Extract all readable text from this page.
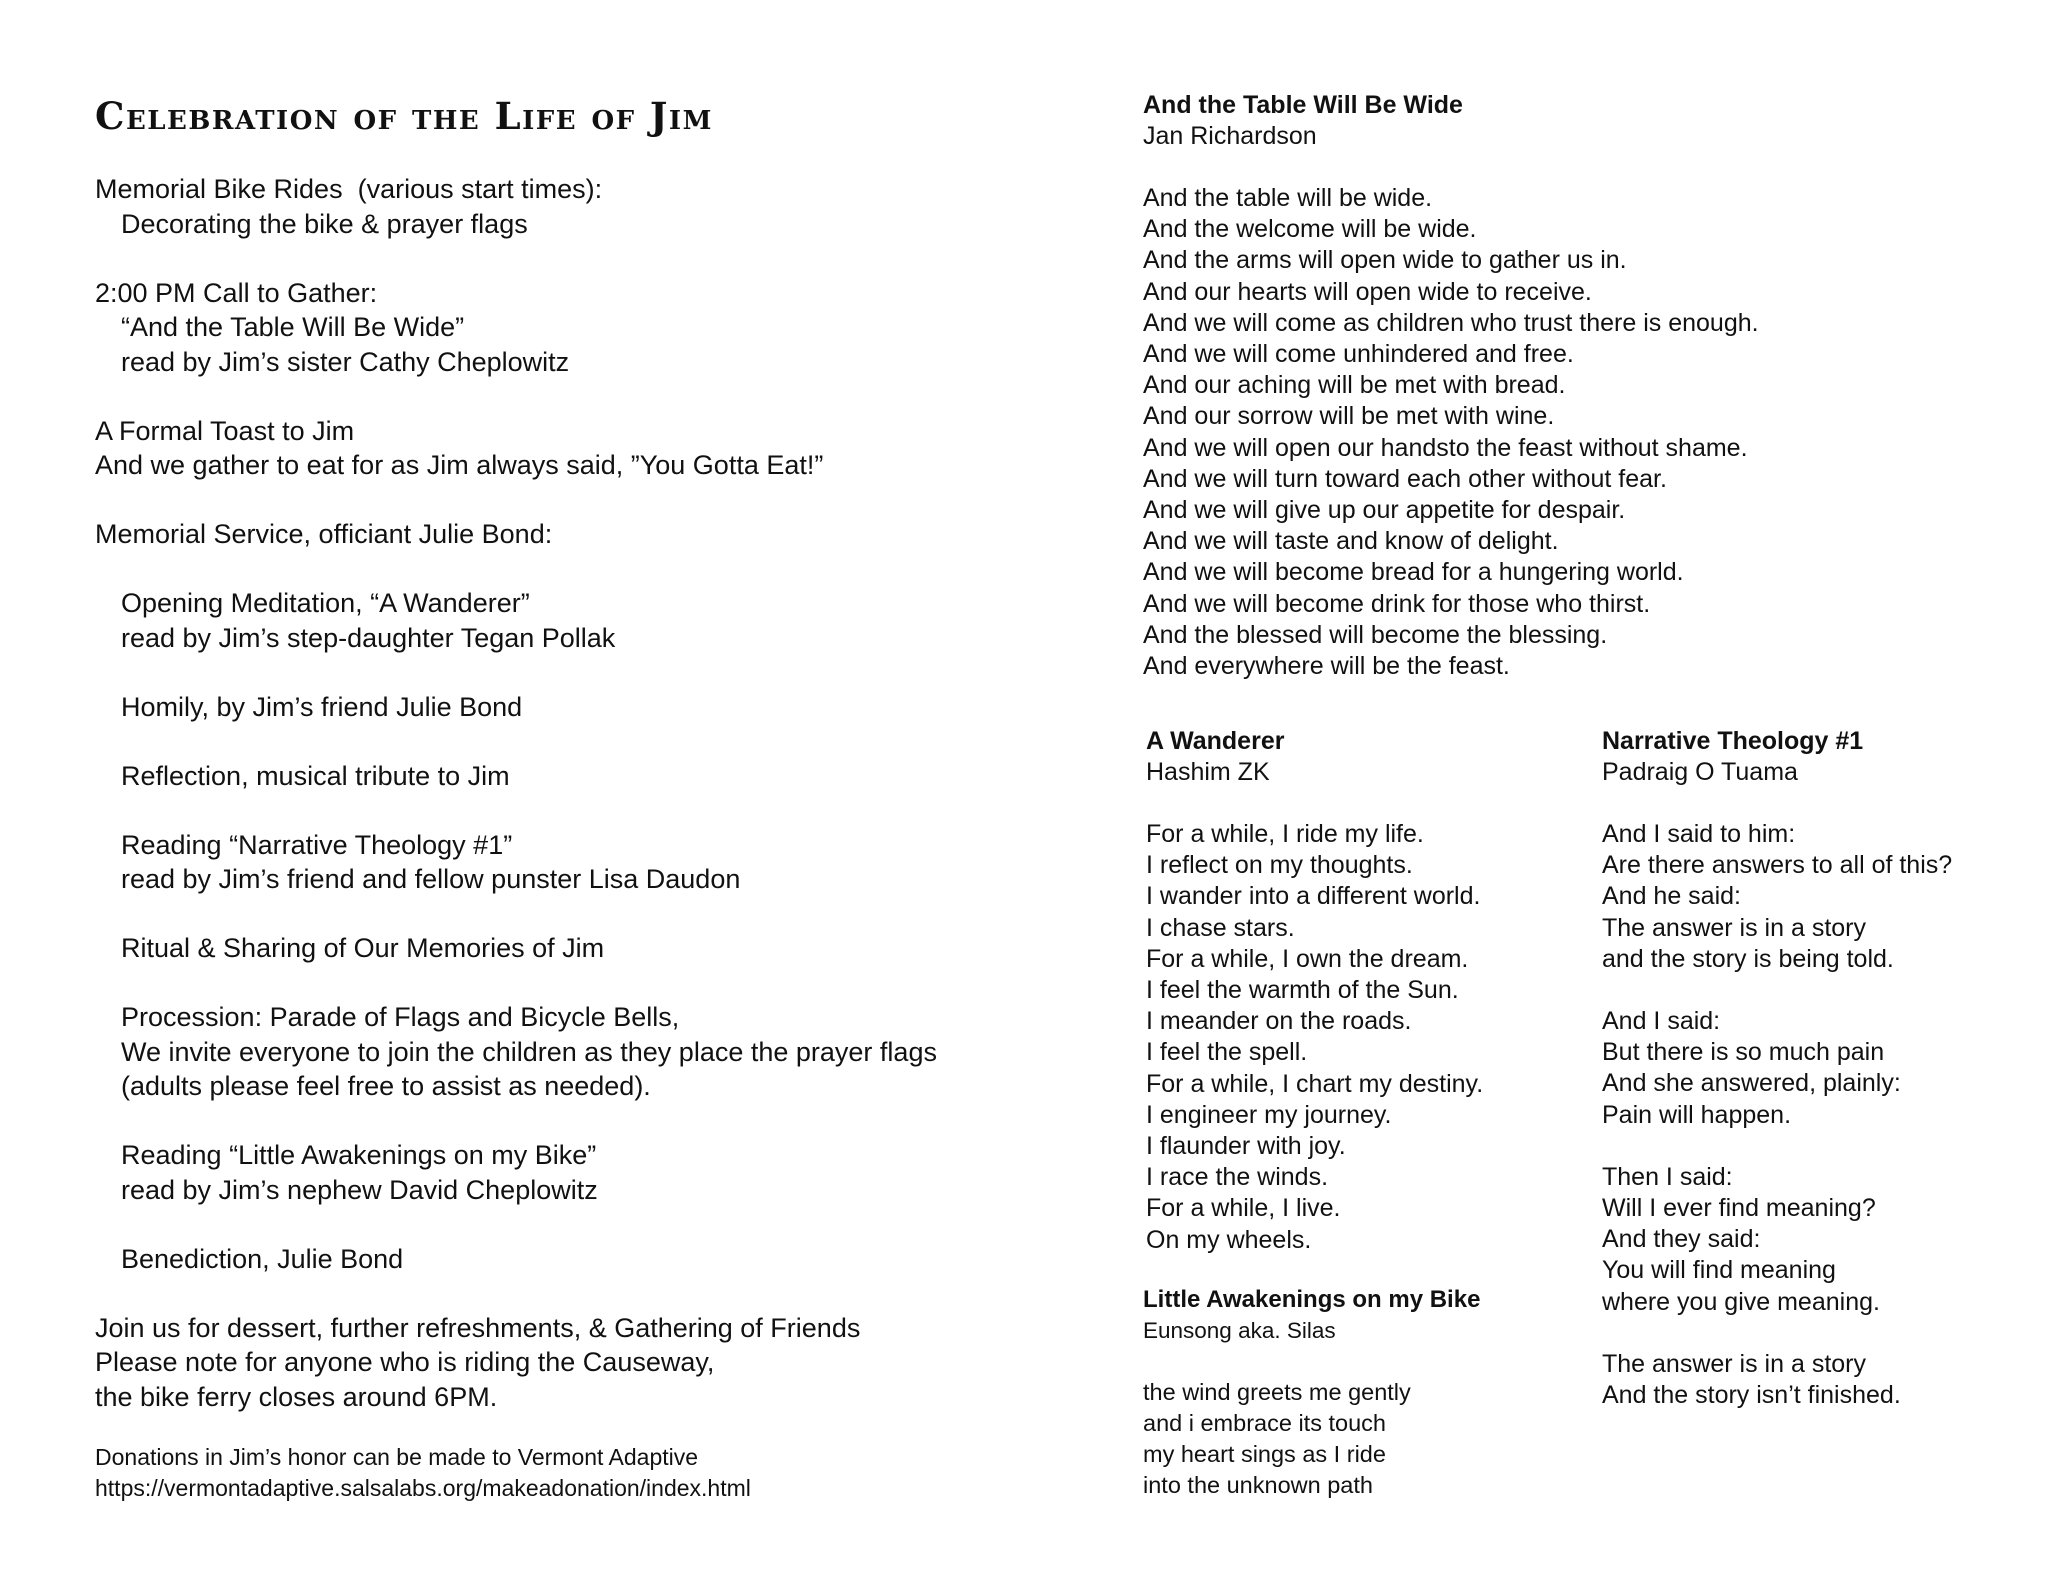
Celebration of the Life of Jim
Memorial Bike Rides  (various start times):
Decorating the bike & prayer flags
2:00 PM Call to Gather:
“And the Table Will Be Wide”
read by Jim’s sister Cathy Cheplowitz
A Formal Toast to Jim
And we gather to eat for as Jim always said, ”You Gotta Eat!”
Memorial Service, officiant Julie Bond:
Opening Meditation, “A Wanderer”
read by Jim’s step-daughter Tegan Pollak
Homily, by Jim’s friend Julie Bond
Reflection, musical tribute to Jim
Reading “Narrative Theology #1”
read by Jim’s friend and fellow punster Lisa Daudon
Ritual & Sharing of Our Memories of Jim
Procession: Parade of Flags and Bicycle Bells,
We invite everyone to join the children as they place the prayer flags
(adults please feel free to assist as needed).
Reading “Little Awakenings on my Bike”
read by Jim’s nephew David Cheplowitz
Benediction, Julie Bond
Join us for dessert, further refreshments, & Gathering of Friends
Please note for anyone who is riding the Causeway,
the bike ferry closes around 6PM.
Donations in Jim’s honor can be made to Vermont Adaptive
https://vermontadaptive.salsalabs.org/makeadonation/index.html
And the Table Will Be Wide
Jan Richardson
And the table will be wide.
And the welcome will be wide.
And the arms will open wide to gather us in.
And our hearts will open wide to receive.
And we will come as children who trust there is enough.
And we will come unhindered and free.
And our aching will be met with bread.
And our sorrow will be met with wine.
And we will open our handsto the feast without shame.
And we will turn toward each other without fear.
And we will give up our appetite for despair.
And we will taste and know of delight.
And we will become bread for a hungering world.
And we will become drink for those who thirst.
And the blessed will become the blessing.
And everywhere will be the feast.
A Wanderer
Hashim ZK
For a while, I ride my life.
I reflect on my thoughts.
I wander into a different world.
I chase stars.
For a while, I own the dream.
I feel the warmth of the Sun.
I meander on the roads.
I feel the spell.
For a while, I chart my destiny.
I engineer my journey.
I flaunder with joy.
I race the winds.
For a while, I live.
On my wheels.
Narrative Theology #1
Padraig O Tuama
And I said to him:
Are there answers to all of this?
And he said:
The answer is in a story
and the story is being told.
And I said:
But there is so much pain
And she answered, plainly:
Pain will happen.
Then I said:
Will I ever find meaning?
And they said:
You will find meaning
where you give meaning.
The answer is in a story
And the story isn’t finished.
Little Awakenings on my Bike
Eunsong aka. Silas
the wind greets me gently
and i embrace its touch
my heart sings as I ride
into the unknown path
